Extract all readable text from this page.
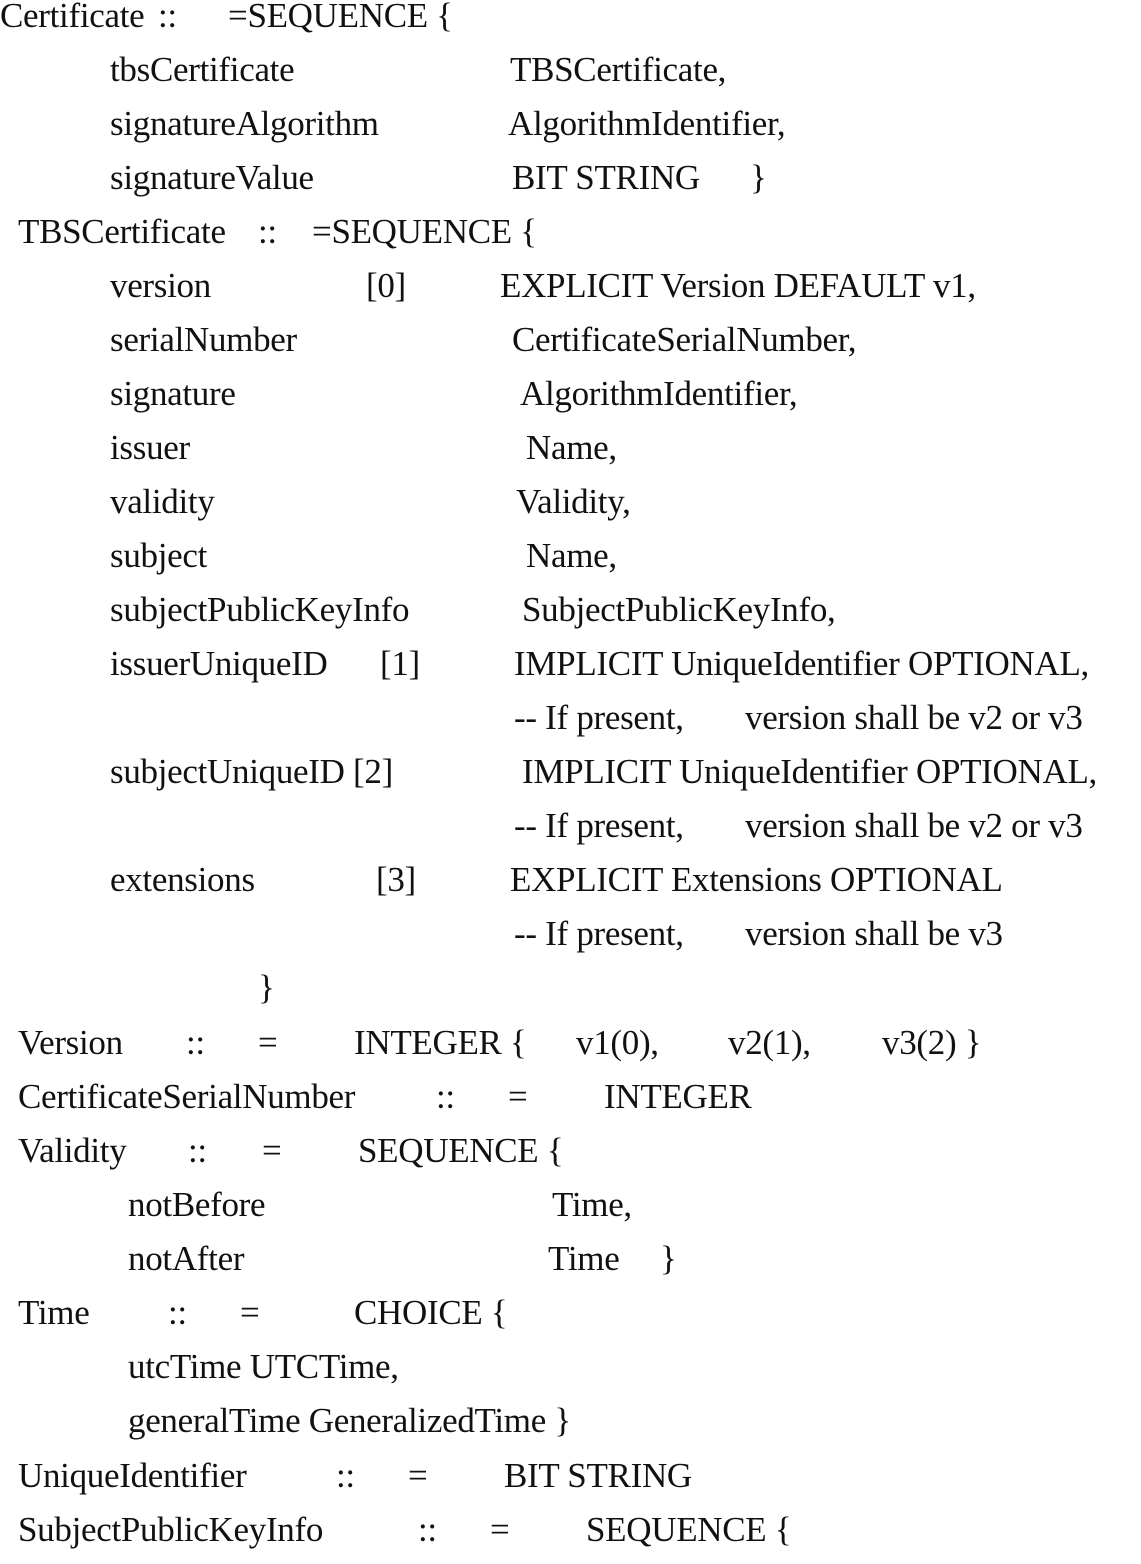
Certificate :: =SEQUENCE {
tbsCertificate	TBSCertificate,
signatureAlgorithm	AlgorithmIdentifier,
signatureValue	BIT STRING }
TBSCertificate :: =SEQUENCE {
version	[0]	EXPLICIT Version DEFAULT v1,
serialNumber	CertificateSerialNumber,
signature	AlgorithmIdentifier,
issuer	Name,
validity	Validity,
subject	Name,
subjectPublicKeyInfo	SubjectPublicKeyInfo,
issuerUniqueID [1]	IMPLICIT UniqueIdentifier OPTIONAL,
-- If present, version shall be v2 or v3
subjectUniqueID [2]	IMPLICIT UniqueIdentifier OPTIONAL,
-- If present, version shall be v2 or v3
extensions	[3]	EXPLICIT Extensions OPTIONAL
-- If present, version shall be v3
}
Version :: = INTEGER { v1(0), v2(1), v3(2) }
CertificateSerialNumber :: = INTEGER
Validity :: = SEQUENCE {
notBefore	Time,
notAfter	Time }
Time :: =	CHOICE {
utcTime UTCTime,
generalTime GeneralizedTime }
UniqueIdentifier	:: = BIT STRING
SubjectPublicKeyInfo	:: = SEQUENCE {
